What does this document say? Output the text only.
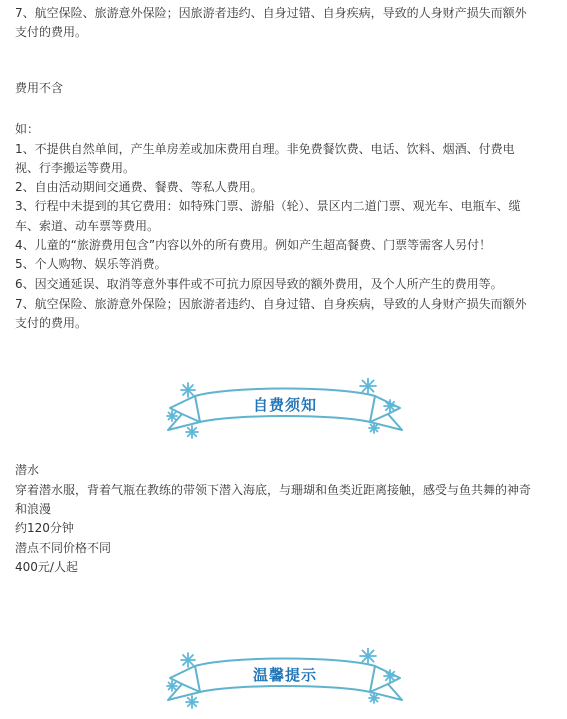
7、航空保险、旅游意外保险；因旅游者违约、自身过错、自身疾病，导致的人身财产损失而额外
支付的费用。
费用不含
如：
1、不提供自然单间，产生单房差或加床费用自理。非免费餐饮费、电话、饮料、烟酒、付费电
视、行李搬运等费用。
2、自由活动期间交通费、餐费、等私人费用。
3、行程中未提到的其它费用：如特殊门票、游船（轮）、景区内二道门票、观光车、电瓶车、缆
车、索道、动车票等费用。
4、儿童的“旅游费用包含”内容以外的所有费用。例如产生超高餐费、门票等需客人另付！
5、个人购物、娱乐等消费。
6、因交通延误、取消等意外事件或不可抗力原因导致的额外费用，及个人所产生的费用等。
7、航空保险、旅游意外保险；因旅游者违约、自身过错、自身疾病，导致的人身财产损失而额外
支付的费用。
自费须知
潜水
穿着潜水服，背着气瓶在教练的带领下潜入海底，与珊瑚和鱼类近距离接触，感受与鱼共舞的神奇
和浪漫
约120分钟
潜点不同价格不同
400元/人起
温馨提示
